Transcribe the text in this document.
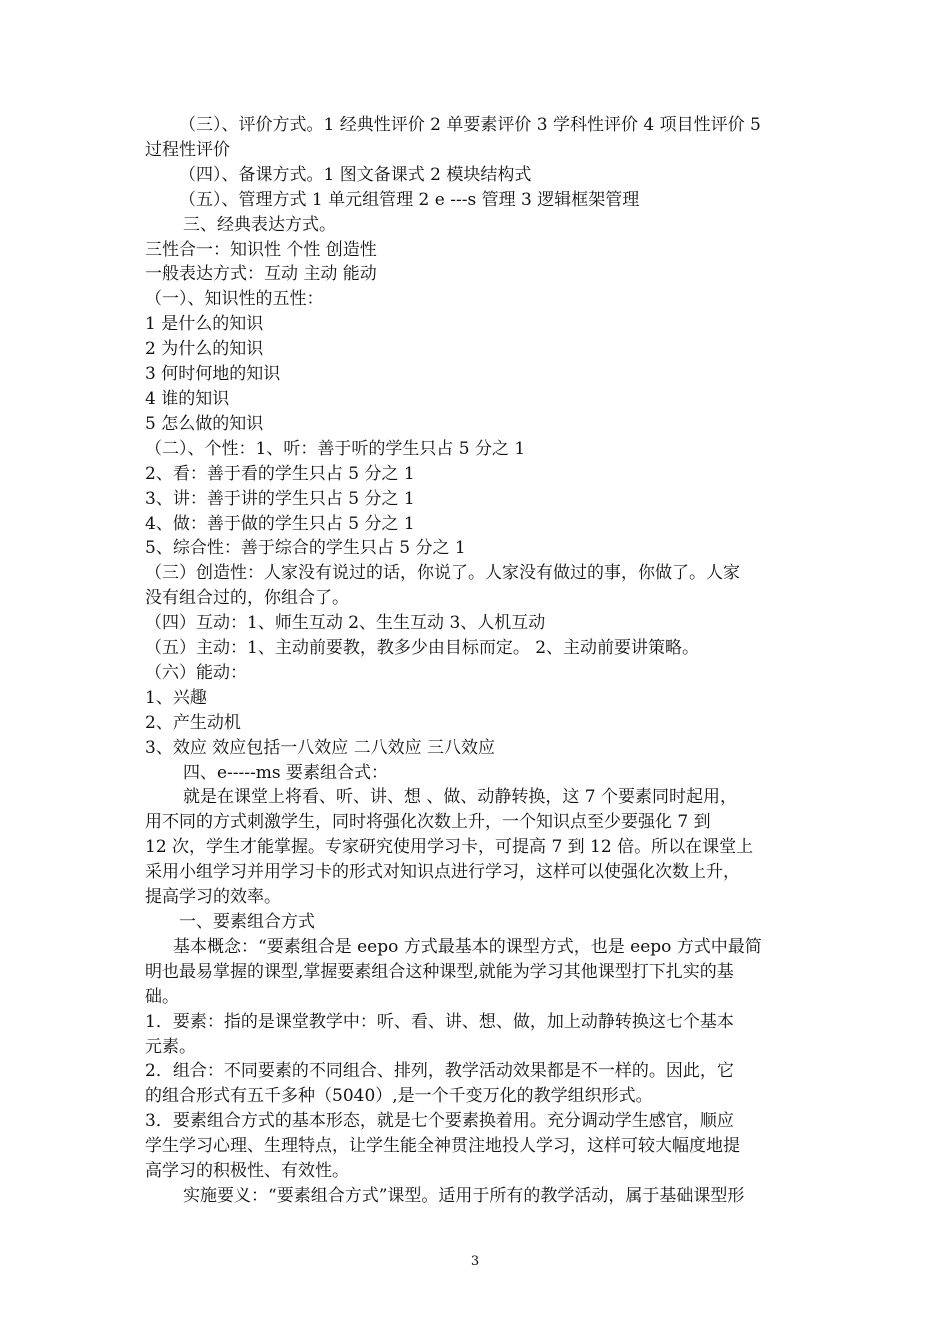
（三）、评价方式。1 经典性评价 2 单要素评价 3 学科性评价 4 项目性评价 5
过程性评价
（四）、备课方式。1 图文备课式 2 模块结构式
（五）、管理方式 1 单元组管理 2 e ---s 管理 3 逻辑框架管理
三、经典表达方式。
三性合一：知识性 个性 创造性
一般表达方式：互动 主动 能动
（一）、知识性的五性：
1 是什么的知识
2 为什么的知识
3 何时何地的知识
4 谁的知识
5 怎么做的知识
（二）、个性：1、听：善于听的学生只占 5 分之 1
2、看：善于看的学生只占 5 分之 1
3、讲：善于讲的学生只占 5 分之 1
4、做：善于做的学生只占 5 分之 1
5、综合性：善于综合的学生只占 5 分之 1
（三）创造性：人家没有说过的话，你说了。人家没有做过的事，你做了。人家
没有组合过的，你组合了。
（四）互动：1、师生互动 2、生生互动 3、人机互动
（五）主动：1、主动前要教，教多少由目标而定。 2、主动前要讲策略。
（六）能动：
1、兴趣
2、产生动机
3、效应 效应包括一八效应 二八效应 三八效应
四、e-----ms 要素组合式：
就是在课堂上将看、听、讲、想 、做、动静转换，这 7 个要素同时起用，
用不同的方式刺激学生，同时将强化次数上升，一个知识点至少要强化 7 到
12 次，学生才能掌握。专家研究使用学习卡，可提高 7 到 12 倍。所以在课堂上
采用小组学习并用学习卡的形式对知识点进行学习，这样可以使强化次数上升，
提高学习的效率。
一、要素组合方式
基本概念：“要素组合是 eepo 方式最基本的课型方式，也是 eepo 方式中最简
明也最易掌握的课型,掌握要素组合这种课型,就能为学习其他课型打下扎实的基
础。
1．要素：指的是课堂教学中：听、看、讲、想、做，加上动静转换这七个基本
元素。
2．组合：不同要素的不同组合、排列，教学活动效果都是不一样的。因此，它
的组合形式有五千多种（5040）,是一个千变万化的教学组织形式。
3．要素组合方式的基本形态，就是七个要素换着用。充分调动学生感官，顺应
学生学习心理、生理特点，让学生能全神贯注地投人学习，这样可较大幅度地提
高学习的积极性、有效性。
实施要义：“要素组合方式”课型。适用于所有的教学活动，属于基础课型形
3
